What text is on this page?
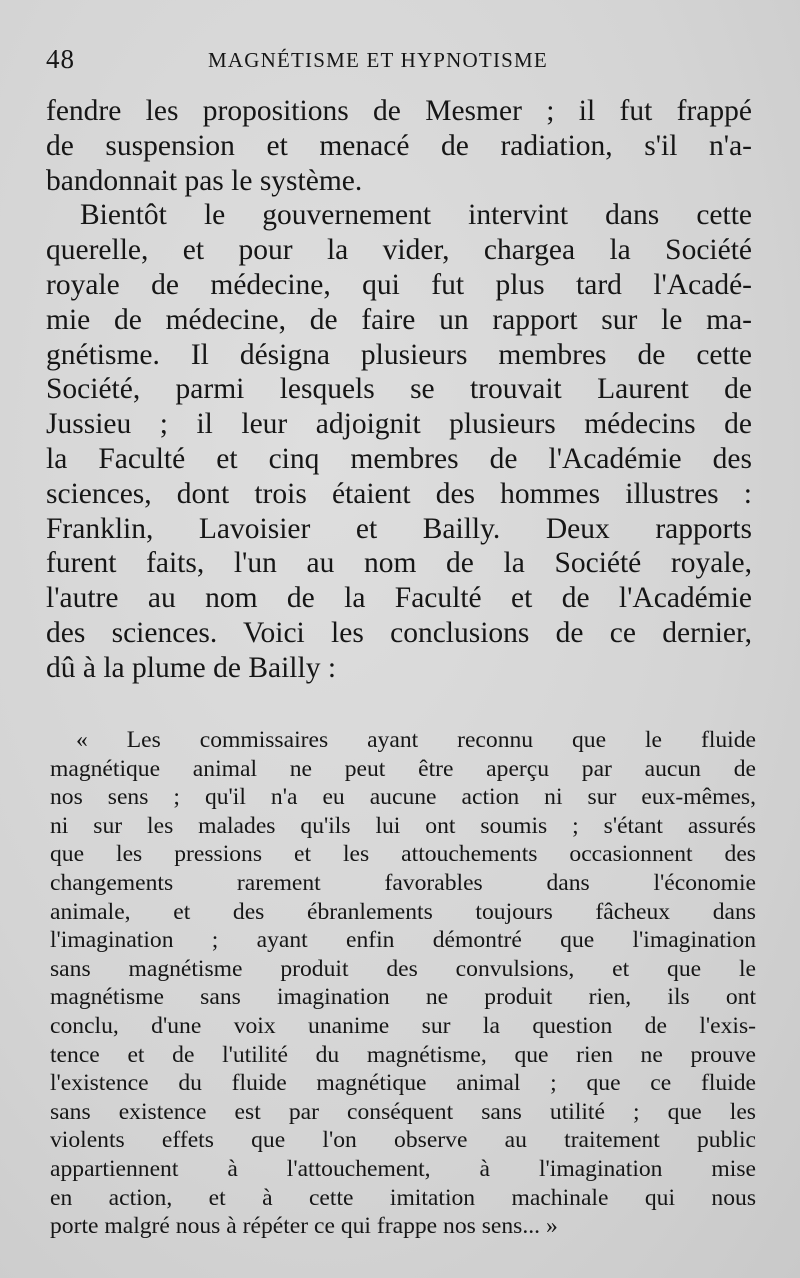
48	MAGNÉTISME ET HYPNOTISME
fendre les propositions de Mesmer ; il fut frappé
de suspension et menacé de radiation, s'il n'a-
bandonnait pas le système.
Bientôt le gouvernement intervint dans cette
querelle, et pour la vider, chargea la Société
royale de médecine, qui fut plus tard l'Acadé-
mie de médecine, de faire un rapport sur le ma-
gnétisme. Il désigna plusieurs membres de cette
Société, parmi lesquels se trouvait Laurent de
Jussieu ; il leur adjoignit plusieurs médecins de
la Faculté et cinq membres de l'Académie des
sciences, dont trois étaient des hommes illustres :
Franklin, Lavoisier et Bailly. Deux rapports
furent faits, l'un au nom de la Société royale,
l'autre au nom de la Faculté et de l'Académie
des sciences. Voici les conclusions de ce dernier,
dû à la plume de Bailly :
« Les commissaires ayant reconnu que le fluide
magnétique animal ne peut être aperçu par aucun de
nos sens ; qu'il n'a eu aucune action ni sur eux-mêmes,
ni sur les malades qu'ils lui ont soumis ; s'étant assurés
que les pressions et les attouchements occasionnent des
changements rarement favorables dans l'économie
animale, et des ébranlements toujours fâcheux dans
l'imagination ; ayant enfin démontré que l'imagination
sans magnétisme produit des convulsions, et que le
magnétisme sans imagination ne produit rien, ils ont
conclu, d'une voix unanime sur la question de l'exis-
tence et de l'utilité du magnétisme, que rien ne prouve
l'existence du fluide magnétique animal ; que ce fluide
sans existence est par conséquent sans utilité ; que les
violents effets que l'on observe au traitement public
appartiennent à l'attouchement, à l'imagination mise
en action, et à cette imitation machinale qui nous
porte malgré nous à répéter ce qui frappe nos sens... »
